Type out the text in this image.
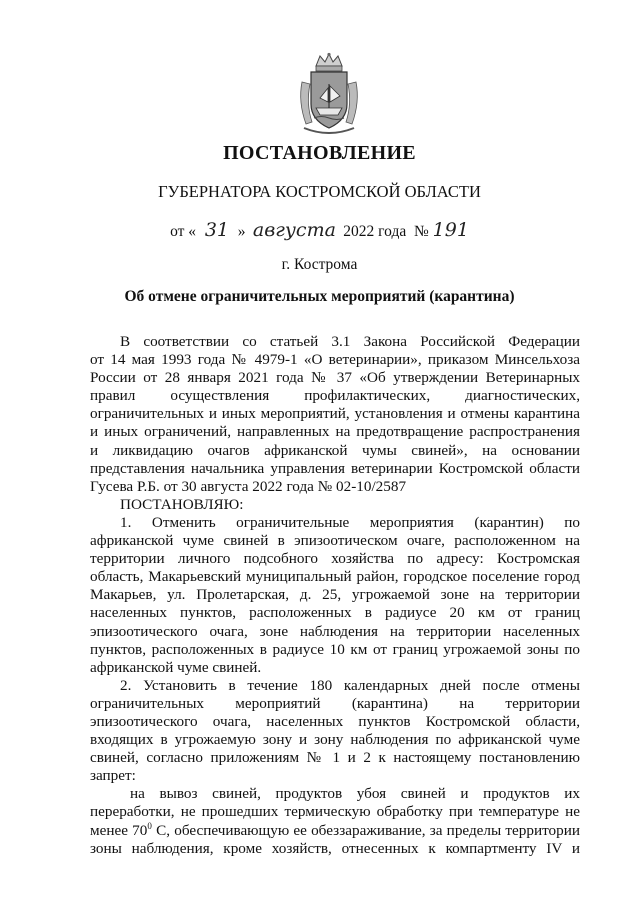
ПОСТАНОВЛЕНИЕ
ГУБЕРНАТОРА КОСТРОМСКОЙ ОБЛАСТИ
от « 31 » августа 2022 года № 191
г. Кострома
Об отмене ограничительных мероприятий (карантина)

В соответствии со статьей 3.1 Закона Российской Федерации

от 14 мая 1993 года № 4979-1 «О ветеринарии», приказом Минсельхоза

России от 28 января 2021 года № 37 «Об утверждении Ветеринарных

правил осуществления профилактических, диагностических,

ограничительных и иных мероприятий, установления и отмены карантина

и иных ограничений, направленных на предотвращение распространения

и ликвидацию очагов африканской чумы свиней», на основании

представления начальника управления ветеринарии Костромской области

Гусева Р.Б. от 30 августа 2022 года № 02-10/2587

ПОСТАНОВЛЯЮ:

1. Отменить ограничительные мероприятия (карантин) по

африканской чуме свиней в эпизоотическом очаге, расположенном на

территории личного подсобного хозяйства по адресу: Костромская

область, Макарьевский муниципальный район, городское поселение город

Макарьев, ул. Пролетарская, д. 25, угрожаемой зоне на территории

населенных пунктов, расположенных в радиусе 20 км от границ

эпизоотического очага, зоне наблюдения на территории населенных

пунктов, расположенных в радиусе 10 км от границ угрожаемой зоны по

африканской чуме свиней.

2. Установить в течение 180 календарных дней после отмены

ограничительных мероприятий (карантина) на территории

эпизоотического очага, населенных пунктов Костромской области,

входящих в угрожаемую зону и зону наблюдения по африканской чуме

свиней, согласно приложениям № 1 и 2 к настоящему постановлению

запрет:

на вывоз свиней, продуктов убоя свиней и продуктов их

переработки, не прошедших термическую обработку при температуре не

менее $70^0$ С, обеспечивающую ее обеззараживание, за пределы территории

зоны наблюдения, кроме хозяйств, отнесенных к компартменту IV и
